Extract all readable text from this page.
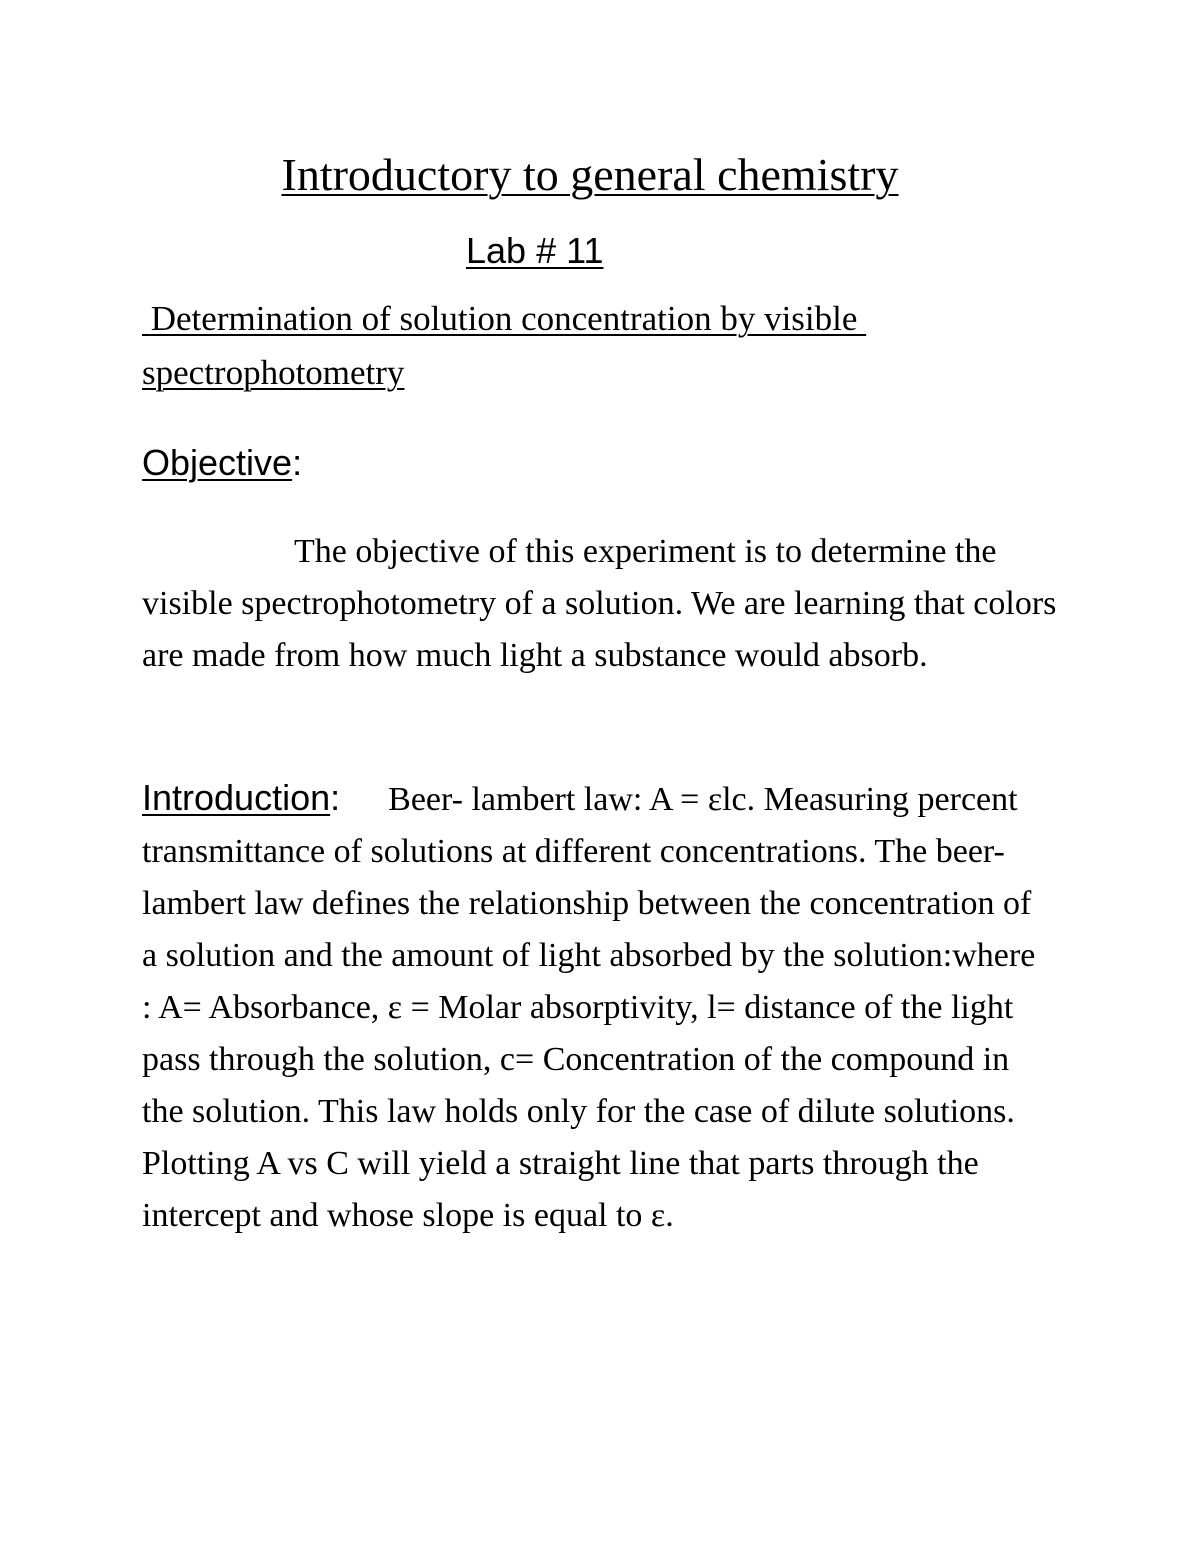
Introductory to general chemistry
Lab # 11
Determination of solution concentration by visible spectrophotometry
Objective:
The objective of this experiment is to determine the visible spectrophotometry of a solution. We are learning that colors are made from how much light a substance would absorb.
Introduction: Beer- lambert law: A = εlc. Measuring percent transmittance of solutions at different concentrations. The beer- lambert law defines the relationship between the concentration of a solution and the amount of light absorbed by the solution:where : A= Absorbance, ε = Molar absorptivity, l= distance of the light pass through the solution, c= Concentration of the compound in the solution. This law holds only for the case of dilute solutions. Plotting A vs C will yield a straight line that parts through the intercept and whose slope is equal to ε.
